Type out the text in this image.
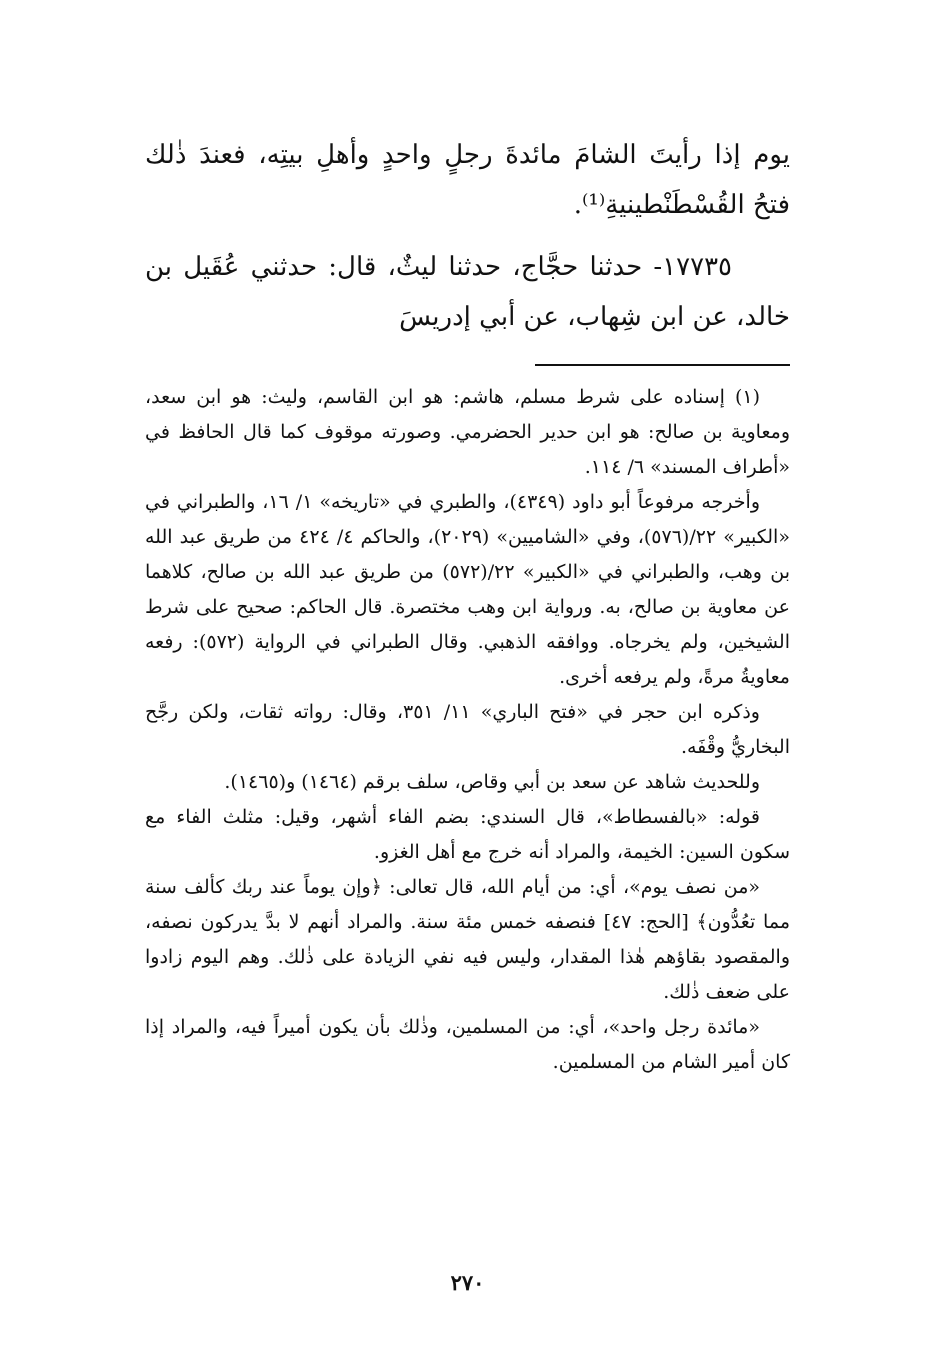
يوم إذا رأيتَ الشامَ مائدةَ رجلٍ واحدٍ وأهلِ بيتِه، فعندَ ذٰلك فتحُ القُسْطَنْطينيةِ⁽¹⁾.

١٧٧٣٥- حدثنا حجَّاج، حدثنا ليثٌ، قال: حدثني عُقَيل بن خالد، عن ابن شِهاب، عن أبي إدريسَ

(١) إسناده على شرط مسلم، هاشم: هو ابن القاسم، وليث: هو ابن سعد، ومعاوية بن صالح: هو ابن حدير الحضرمي. وصورته موقوف كما قال الحافظ في «أطراف المسند» ٦/ ١١٤.

وأخرجه مرفوعاً أبو داود (٤٣٤٩)، والطبري في «تاريخه» ١/ ١٦، والطبراني في «الكبير» ٢٢/(٥٧٦)، وفي «الشاميين» (٢٠٢٩)، والحاكم ٤/ ٤٢٤ من طريق عبد الله بن وهب، والطبراني في «الكبير» ٢٢/(٥٧٢) من طريق عبد الله بن صالح، كلاهما عن معاوية بن صالح، به. ورواية ابن وهب مختصرة. قال الحاكم: صحيح على شرط الشيخين، ولم يخرجاه. ووافقه الذهبي. وقال الطبراني في الرواية (٥٧٢): رفعه معاويةُ مرةً، ولم يرفعه أخرى.

وذكره ابن حجر في «فتح الباري» ١١/ ٣٥١، وقال: رواته ثقات، ولكن رجَّح البخاريُّ وقْفَه.

وللحديث شاهد عن سعد بن أبي وقاص، سلف برقم (١٤٦٤) و(١٤٦٥).

قوله: «بالفسطاط»، قال السندي: بضم الفاء أشهر، وقيل: مثلث الفاء مع سكون السين: الخيمة، والمراد أنه خرج مع أهل الغزو.

«من نصف يوم»، أي: من أيام الله، قال تعالى: ﴿وإن يوماً عند ربك كألف سنة مما تعُدُّون﴾ [الحج: ٤٧] فنصفه خمس مئة سنة. والمراد أنهم لا بدَّ يدركون نصفه، والمقصود بقاؤهم هٰذا المقدار، وليس فيه نفي الزيادة على ذٰلك. وهم اليوم زادوا على ضعف ذٰلك.

«مائدة رجل واحد»، أي: من المسلمين، وذٰلك بأن يكون أميراً فيه، والمراد إذا كان أمير الشام من المسلمين.

٢٧٠
